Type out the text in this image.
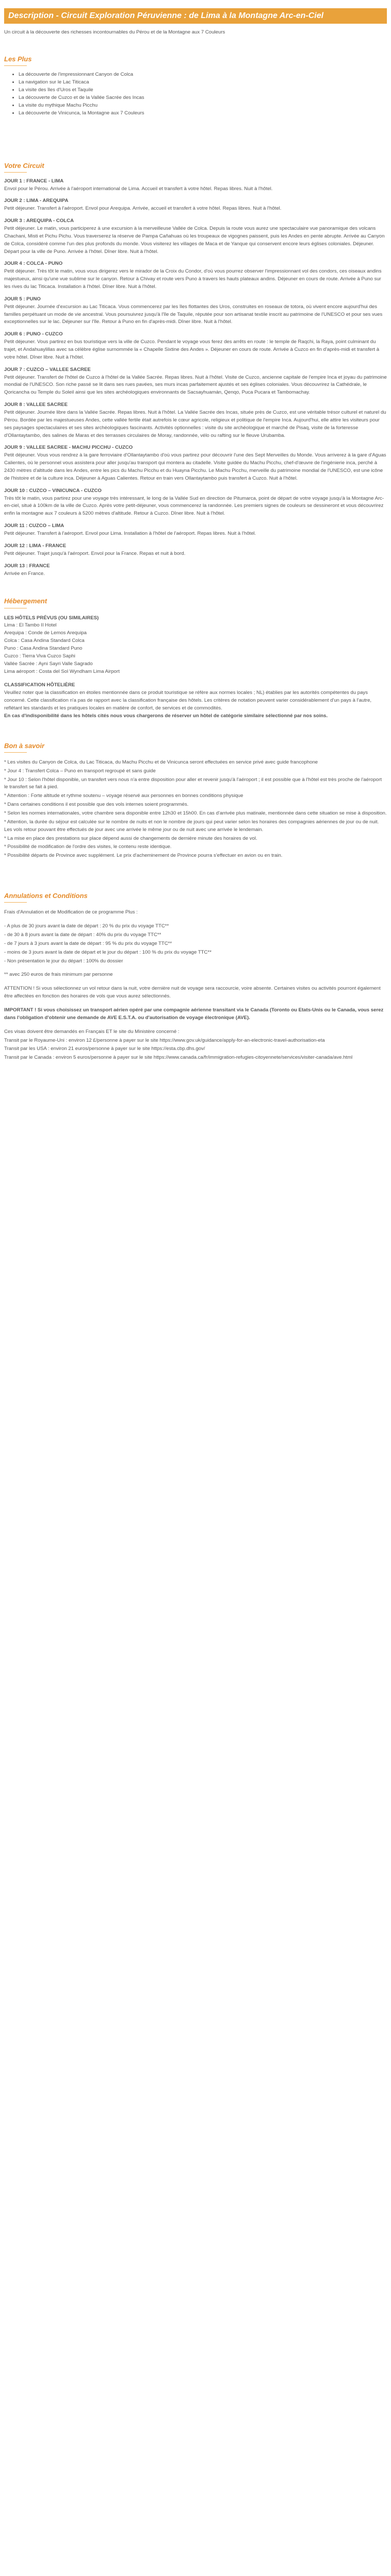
Description - Circuit Exploration Péruvienne : de Lima à la Montagne Arc-en-Ciel
Un circuit à la découverte des richesses incontournables du Pérou et de la Montagne aux 7 Couleurs
Les Plus
• La découverte de l'impressionnant Canyon de Colca
• La navigation sur le Lac Titicaca
• La visite des îles d'Uros et Taquile
• La découverte de Cuzco et de la Vallée Sacrée des Incas
• La visite du mythique Machu Picchu
• La découverte de Vinicunca, la Montagne aux 7 Couleurs
Votre Circuit
JOUR 1 : FRANCE - LIMA

Envol pour le Pérou. Arrivée à l'aéroport international de Lima. Accueil et transfert à votre hôtel. Repas libres. Nuit à l'hôtel.

JOUR 2 : LIMA - AREQUIPA

Petit déjeuner. Transfert à l'aéroport. Envol pour Arequipa. Arrivée, accueil et transfert à votre hôtel. Repas libres. Nuit à l'hôtel.

JOUR 3 : AREQUIPA - COLCA

Petit déjeuner. Le matin, vous participerez à une excursion à la merveilleuse Vallée de Colca. Depuis la route vous aurez une spectaculaire vue panoramique des volcans Chachani, Misti et Pichu Pichu. Vous traverserez la réserve de Pampa Cañahuas où les troupeaux de vigognes paissent, puis les Andes en pente abrupte. Arrivée au Canyon de Colca, considéré comme l'un des plus profonds du monde. Vous visiterez les villages de Maca et de Yanque qui conservent encore leurs églises coloniales. Déjeuner. Départ pour la ville de Puno. Arrivée à l'hôtel. Dîner libre. Nuit à l'hôtel.

JOUR 4 : COLCA - PUNO

Petit déjeuner. Très tôt le matin, vous vous dirigerez vers le mirador de la Croix du Condor, d'où vous pourrez observer l'impressionnant vol des condors, ces oiseaux andins majestueux, ainsi qu'une vue sublime sur le canyon. Retour à Chivay et route vers Puno à travers les hauts plateaux andins. Déjeuner en cours de route. Arrivée à Puno sur les rives du lac Titicaca. Installation à l'hôtel. Dîner libre. Nuit à l'hôtel.

JOUR 5 : PUNO

Petit déjeuner. Journée d'excursion au Lac Titicaca. Vous commencerez par les îles flottantes des Uros, construites en roseaux de totora, où vivent encore aujourd'hui des familles perpétuant un mode de vie ancestral. Vous poursuivrez jusqu'à l'île de Taquile, réputée pour son artisanat textile inscrit au patrimoine de l'UNESCO et pour ses vues exceptionnelles sur le lac. Déjeuner sur l'île. Retour à Puno en fin d'après-midi. Dîner libre. Nuit à l'hôtel.

JOUR 6 : PUNO - CUZCO

Petit déjeuner. Vous partirez en bus touristique vers la ville de Cuzco. Pendant le voyage vous ferez des arrêts en route : le temple de Raqchi, la Raya, point culminant du trajet, et Andahuaylillas avec sa célèbre église surnommée la « Chapelle Sixtine des Andes ». Déjeuner en cours de route. Arrivée à Cuzco en fin d'après-midi et transfert à votre hôtel. Dîner libre. Nuit à l'hôtel.

JOUR 7 : CUZCO – VALLEE SACREE

Petit déjeuner. Transfert de l'hôtel de Cuzco à l'hôtel de la Vallée Sacrée. Repas libres. Nuit à l'hôtel. Visite de Cuzco, ancienne capitale de l'empire Inca et joyau du patrimoine mondial de l'UNESCO. Son riche passé se lit dans ses rues pavées, ses murs incas parfaitement ajustés et ses églises coloniales. Vous découvrirez la Cathédrale, le Qoricancha ou Temple du Soleil ainsi que les sites archéologiques environnants de Sacsayhuamán, Qenqo, Puca Pucara et Tambomachay.

JOUR 8 : VALLEE SACREE

Petit déjeuner. Journée libre dans la Vallée Sacrée. Repas libres. Nuit à l'hôtel. La Vallée Sacrée des Incas, située près de Cuzco, est une véritable trésor culturel et naturel du Pérou. Bordée par les majestueuses Andes, cette vallée fertile était autrefois le cœur agricole, religieux et politique de l'empire Inca. Aujourd'hui, elle attire les visiteurs pour ses paysages spectaculaires et ses sites archéologiques fascinants. Activités optionnelles : visite du site archéologique et marché de Pisaq, visite de la forteresse d'Ollantaytambo, des salines de Maras et des terrasses circulaires de Moray, randonnée, vélo ou rafting sur le fleuve Urubamba.

JOUR 9 : VALLEE SACREE - MACHU PICCHU - CUZCO

Petit déjeuner. Vous vous rendrez à la gare ferroviaire d'Ollantaytambo d'où vous partirez pour découvrir l'une des Sept Merveilles du Monde. Vous arriverez à la gare d'Aguas Calientes, où le personnel vous assistera pour aller jusqu'au transport qui montera au citadelle. Visite guidée du Machu Picchu, chef-d'œuvre de l'ingénierie inca, perché à 2430 mètres d'altitude dans les Andes, entre les pics du Machu Picchu et du Huayna Picchu. Le Machu Picchu, merveille du patrimoine mondial de l'UNESCO, est une icône de l'histoire et de la culture inca. Déjeuner à Aguas Calientes. Retour en train vers Ollantaytambo puis transfert à Cuzco. Nuit à l'hôtel.

JOUR 10 : CUZCO – VINICUNCA - CUZCO

Très tôt le matin, vous partirez pour une voyage très intéressant, le long de la Vallée Sud en direction de Pitumarca, point de départ de votre voyage jusqu'à la Montagne Arc-en-ciel, situé à 100km de la ville de Cuzco. Après votre petit-déjeuner, vous commencerez la randonnée. Les premiers signes de couleurs se dessineront et vous découvrirez enfin la montagne aux 7 couleurs à 5200 mètres d'altitude. Retour à Cuzco. Dîner libre. Nuit à l'hôtel.

JOUR 11 : CUZCO – LIMA

Petit déjeuner. Transfert à l'aéroport. Envol pour Lima. Installation à l'hôtel de l'aéroport. Repas libres. Nuit à l'hôtel.

JOUR 12 : LIMA - FRANCE

Petit déjeuner. Trajet jusqu'à l'aéroport. Envol pour la France. Repas et nuit à bord.

JOUR 13 : FRANCE

Arrivée en France.

Hébergement
LES HÔTELS PRÉVUS (OU SIMILAIRES)

Lima : El Tambo II Hotel

Arequipa : Conde de Lemos Arequipa

Colca : Casa Andina Standard Colca

Puno : Casa Andina Standard Puno

Cuzco : Tierra Viva Cuzco Saphi

Vallée Sacrée : Ayni Sayri Valle Sagrado

Lima aéroport : Costa del Sol Wyndham Lima Airport

CLASSIFICATION HÔTELIÈRE

Veuillez noter que la classification en étoiles mentionnée dans ce produit touristique se réfère aux normes locales ; NL) établies par les autorités compétentes du pays concerné. Cette classification n'a pas de rapport avec la classification française des hôtels. Les critères de notation peuvent varier considérablement d'un pays à l'autre, reflétant les standards et les pratiques locales en matière de confort, de services et de commodités.

En cas d'indisponibilité dans les hôtels cités nous vous chargerons de réserver un hôtel de catégorie similaire sélectionné par nos soins.

Bon à savoir

* Les visites du Canyon de Colca, du Lac Titicaca, du Machu Picchu et de Vinicunca seront effectuées en service privé avec guide francophone

* Jour 4 : Transfert Colca – Puno en transport regroupé et sans guide

* Jour 10 : Selon l'hôtel disponible, un transfert vers nous n'a entre disposition pour aller et revenir jusqu'à l'aéroport ; il est possible que à l'hôtel est très proche de l'aéroport le transfert se fait à pied.

* Attention : Forte altitude et rythme soutenu – voyage réservé aux personnes en bonnes conditions physique

* Dans certaines conditions il est possible que des vols internes soient programmés.

* Selon les normes internationales, votre chambre sera disponible entre 12h30 et 15h00. En cas d'arrivée plus matinale, mentionnée dans cette situation se mise à disposition.

* Attention, la durée du séjour est calculée sur le nombre de nuits et non le nombre de jours qui peut varier selon les horaires des compagnies aériennes de jour ou de nuit. Les vols retour pouvant être effectués de jour avec une arrivée le même jour ou de nuit avec une arrivée le lendemain.

* La mise en place des prestations sur place dépend aussi de changements de dernière minute des horaires de vol.

* Possibilité de modification de l'ordre des visites, le contenu reste identique.

* Possibilité départs de Province avec supplément. Le prix d'acheminement de Province pourra s'effectuer en avion ou en train.

Annulations et Conditions

Frais d'Annulation et de Modification de ce programme Plus :

- A plus de 30 jours avant la date de départ : 20 % du prix du voyage TTC**

- de 30 à 8 jours avant la date de départ : 40% du prix du voyage TTC**

- de 7 jours à 3 jours avant la date de départ : 95 % du prix du voyage TTC**

- moins de 3 jours avant la date de départ et le jour du départ : 100 % du prix du voyage TTC**

- Non présentation le jour du départ : 100% du dossier

** avec 250 euros de frais minimum par personne

ATTENTION ! Si vous sélectionnez un vol retour dans la nuit, votre dernière nuit de voyage sera raccourcie, voire absente. Certaines visites ou activités pourront également être affectées en fonction des horaires de vols que vous aurez sélectionnés.

IMPORTANT ! Si vous choisissez un transport aérien opéré par une compagnie aérienne transitant via le Canada (Toronto ou Etats-Unis ou le Canada, vous serez dans l'obligation d'obtenir une demande de AVE E.S.T.A. ou d'autorisation de voyage électronique (AVE).

Ces visas doivent être demandés en Français ET le site du Ministère concerné :

Transit par le Royaume-Uni : environ 12 £/personne à payer sur le site https://www.gov.uk/guidance/apply-for-an-electronic-travel-authorisation-eta

Transit par les USA : environ 21 euros/personne à payer sur le site https://esta.cbp.dhs.gov/

Transit par le Canada : environ 5 euros/personne à payer sur le site https://www.canada.ca/fr/immigration-refugies-citoyennete/services/visiter-canada/ave.html
